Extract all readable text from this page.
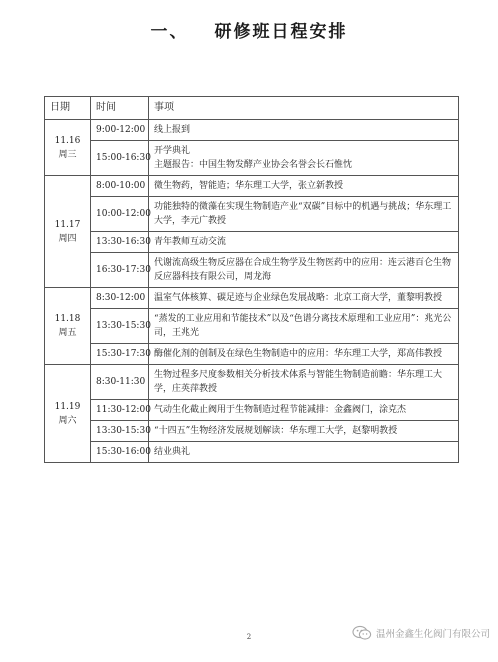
一、 研修班日程安排
日期	时间	事项

11.16
周三	9:00-12:00	线上报到
	15:00-16:30	开学典礼
主题报告：中国生物发酵产业协会名誉会长石惟忱

11.17
周四	8:00-10:00	微生物药，智能造；华东理工大学，张立新教授
	10:00-12:00	功能独特的微藻在实现生物制造产业“双碳”目标中的机遇与挑战；华东理工大学，李元广教授
	13:30-16:30	青年教师互动交流
	16:30-17:30	代谢流高级生物反应器在合成生物学及生物医药中的应用：连云港百仑生物反应器科技有限公司，周龙海

11.18
周五	8:30-12:00	温室气体核算、碳足迹与企业绿色发展战略：北京工商大学，董黎明教授
	13:30-15:30	“蒸发的工业应用和节能技术”以及“色谱分离技术原理和工业应用”：兆光公司，王兆光
	15:30-17:30	酶催化剂的创制及在绿色生物制造中的应用：华东理工大学，郑高伟教授

11.19
周六	8:30-11:30	生物过程多尺度参数相关分析技术体系与智能生物制造前瞻：华东理工大学，庄英萍教授
	11:30-12:00	气动生化截止阀用于生物制造过程节能减排：金鑫阀门，涂克杰
	13:30-15:30	“十四五”生物经济发展规划解读：华东理工大学，赵黎明教授
	15:30-16:00	结业典礼
2	温州金鑫生化阀门有限公司
